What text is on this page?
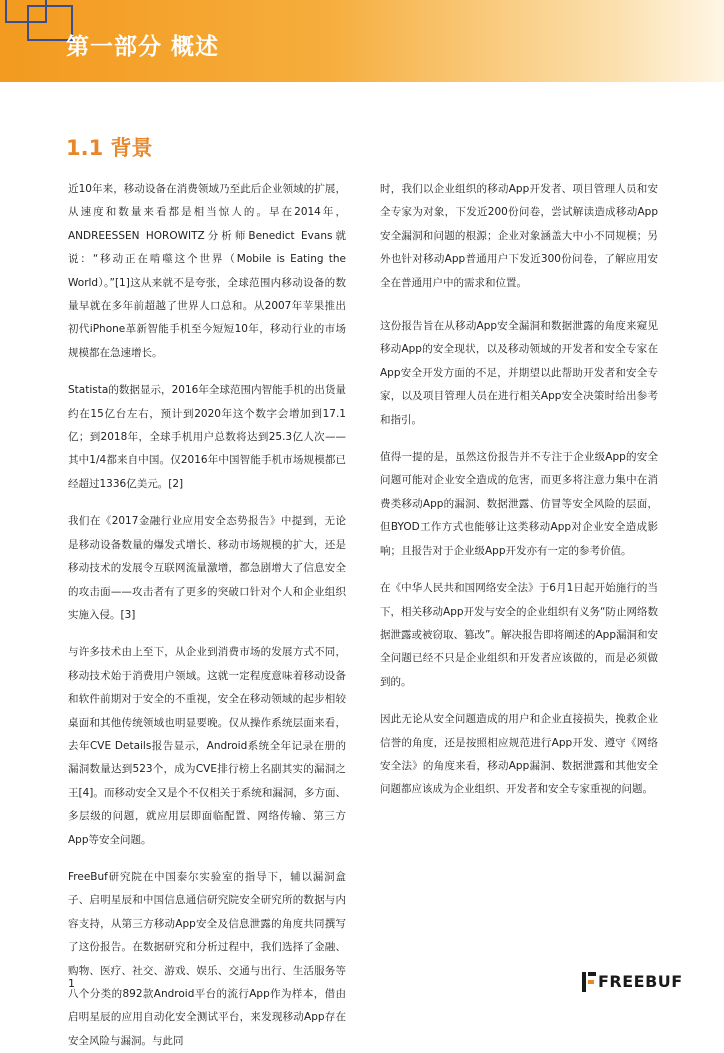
第一部分 概述
1.1 背景

近10年来，移动设备在消费领域乃至此后企业领域的扩展，从速度和数量来看都是相当惊人的。早在2014年，ANDREESSEN HOROWITZ分析师Benedict Evans就说：“移动正在啃噬这个世界（Mobile is Eating the World）。”[1]这从来就不是夸张，全球范围内移动设备的数量早就在多年前超越了世界人口总和。从2007年苹果推出初代iPhone革新智能手机至今短短10年，移动行业的市场规模都在急速增长。

Statista的数据显示，2016年全球范围内智能手机的出货量约在15亿台左右，预计到2020年这个数字会增加到17.1亿；到2018年，全球手机用户总数将达到25.3亿人次——其中1/4都来自中国。仅2016年中国智能手机市场规模都已经超过1336亿美元。[2]

我们在《2017金融行业应用安全态势报告》中提到，无论是移动设备数量的爆发式增长、移动市场规模的扩大，还是移动技术的发展令互联网流量激增，都急剧增大了信息安全的攻击面——攻击者有了更多的突破口针对个人和企业组织实施入侵。[3]

与许多技术由上至下，从企业到消费市场的发展方式不同，移动技术始于消费用户领域。这就一定程度意味着移动设备和软件前期对于安全的不重视，安全在移动领域的起步相较桌面和其他传统领域也明显要晚。仅从操作系统层面来看，去年CVE Details报告显示，Android系统全年记录在册的漏洞数量达到523个，成为CVE排行榜上名副其实的漏洞之王[4]。而移动安全又是个不仅相关于系统和漏洞，多方面、多层级的问题，就应用层即面临配置、网络传输、第三方App等安全问题。

FreeBuf研究院在中国泰尔实验室的指导下，辅以漏洞盒子、启明星辰和中国信息通信研究院安全研究所的数据与内容支持，从第三方移动App安全及信息泄露的角度共同撰写了这份报告。在数据研究和分析过程中，我们选择了金融、购物、医疗、社交、游戏、娱乐、交通与出行、生活服务等八个分类的892款Android平台的流行App作为样本，借由启明星辰的应用自动化安全测试平台，来发现移动App存在安全风险与漏洞。与此同

时，我们以企业组织的移动App开发者、项目管理人员和安全专家为对象，下发近200份问卷，尝试解读造成移动App安全漏洞和问题的根源；企业对象涵盖大中小不同规模；另外也针对移动App普通用户下发近300份问卷，了解应用安全在普通用户中的需求和位置。

这份报告旨在从移动App安全漏洞和数据泄露的角度来窥见移动App的安全现状，以及移动领域的开发者和安全专家在App安全开发方面的不足，并期望以此帮助开发者和安全专家，以及项目管理人员在进行相关App安全决策时给出参考和指引。

值得一提的是，虽然这份报告并不专注于企业级App的安全问题可能对企业安全造成的危害，而更多将注意力集中在消费类移动App的漏洞、数据泄露、仿冒等安全风险的层面，但BYOD工作方式也能够让这类移动App对企业安全造成影响；且报告对于企业级App开发亦有一定的参考价值。

在《中华人民共和国网络安全法》于6月1日起开始施行的当下，相关移动App开发与安全的企业组织有义务“防止网络数据泄露或被窃取、篡改”。解决报告即将阐述的App漏洞和安全问题已经不只是企业组织和开发者应该做的，而是必须做到的。

因此无论从安全问题造成的用户和企业直接损失，挽救企业信誉的角度，还是按照相应规范进行App开发、遵守《网络安全法》的角度来看，移动App漏洞、数据泄露和其他安全问题都应该成为企业组织、开发者和安全专家重视的问题。

1	FREEBUF
